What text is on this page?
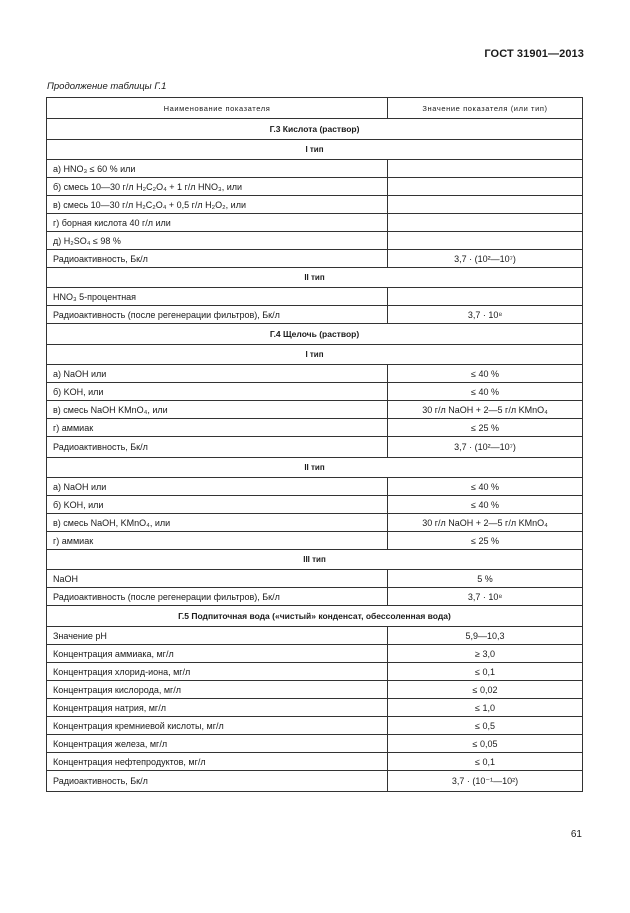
ГОСТ 31901—2013
Продолжение таблицы Г.1
Наименование показателя	Значение показателя (или тип)
Г.3 Кислота (раствор)	
I тип	
а) HNO₃ ≤ 60 % или	
б) смесь 10—30 г/л H₂C₂O₄ + 1 г/л HNO₃, или	
в) смесь 10—30 г/л H₂C₂O₄ + 0,5 г/л H₂O₂, или	
г) борная кислота 40 г/л или	
д) H₂SO₄ ≤ 98 %	
Радиоактивность, Бк/л	3,7 · (10²—10⁷)
II тип	
HNO₃ 5-процентная	
Радиоактивность (после регенерации фильтров), Бк/л	3,7 · 10⁸
Г.4 Щелочь (раствор)	
I тип	
а) NaOH или	≤ 40 %
б) KOH, или	≤ 40 %
в) смесь NaOH KMnO₄, или	30 г/л NaOH + 2—5 г/л KMnO₄
г) аммиак	≤ 25 %
Радиоактивность, Бк/л	3,7 · (10²—10⁷)
II тип	
а) NaOH или	≤ 40 %
б) KOH, или	≤ 40 %
в) смесь NaOH, KMnO₄, или	30 г/л NaOH + 2—5 г/л KMnO₄
г) аммиак	≤ 25 %
III тип	
NaOH	5 %
Радиоактивность (после регенерации фильтров), Бк/л	3,7 · 10⁸
Г.5 Подпиточная вода («чистый» конденсат, обессоленная вода)	
Значение pH	5,9—10,3
Концентрация аммиака, мг/л	≥ 3,0
Концентрация хлорид-иона, мг/л	≤ 0,1
Концентрация кислорода, мг/л	≤ 0,02
Концентрация натрия, мг/л	≤ 1,0
Концентрация кремниевой кислоты, мг/л	≤ 0,5
Концентрация железа, мг/л	≤ 0,05
Концентрация нефтепродуктов, мг/л	≤ 0,1
Радиоактивность, Бк/л	3,7 · (10⁻¹—10²)
61
